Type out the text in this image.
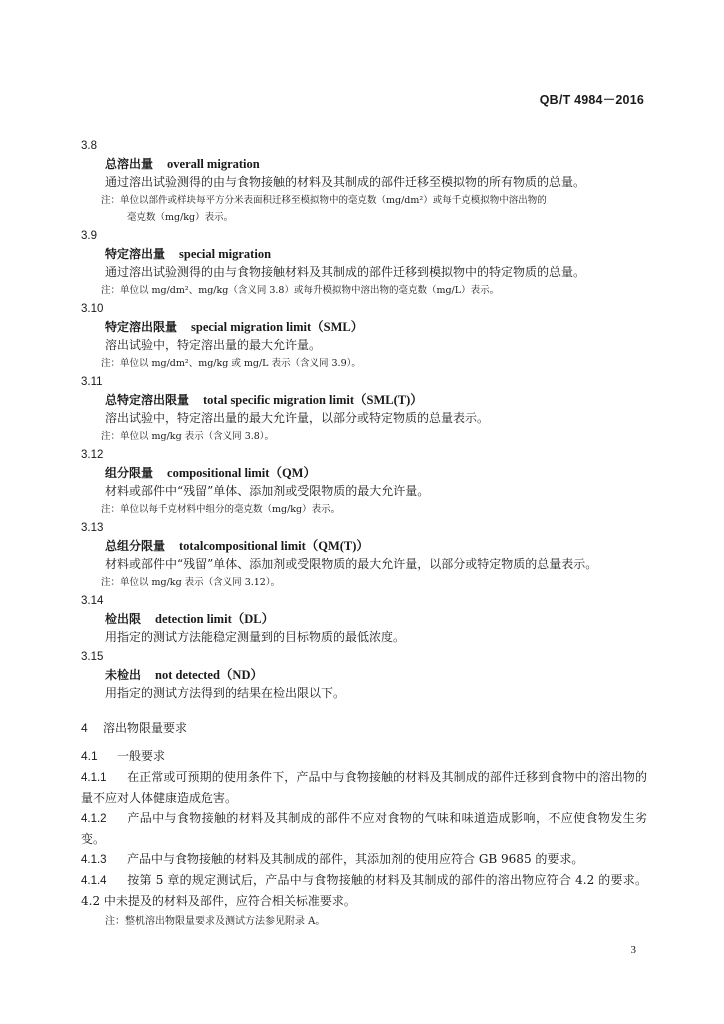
QB/T 4984－2016
3.8
总溶出量 overall migration
通过溶出试验测得的由与食物接触的材料及其制成的部件迁移至模拟物的所有物质的总量。
注：单位以部件或样块每平方分米表面积迁移至模拟物中的毫克数（mg/dm²）或每千克模拟物中溶出物的
毫克数（mg/kg）表示。
3.9
特定溶出量 special migration
通过溶出试验测得的由与食物接触材料及其制成的部件迁移到模拟物中的特定物质的总量。
注：单位以 mg/dm²、mg/kg（含义同 3.8）或每升模拟物中溶出物的毫克数（mg/L）表示。
3.10
特定溶出限量 special migration limit（SML）
溶出试验中，特定溶出量的最大允许量。
注：单位以 mg/dm²、mg/kg 或 mg/L 表示（含义同 3.9）。
3.11
总特定溶出限量 total specific migration limit（SML(T)）
溶出试验中，特定溶出量的最大允许量，以部分或特定物质的总量表示。
注：单位以 mg/kg 表示（含义同 3.8）。
3.12
组分限量 compositional limit（QM）
材料或部件中“残留”单体、添加剂或受限物质的最大允许量。
注：单位以每千克材料中组分的毫克数（mg/kg）表示。
3.13
总组分限量 totalcompositional limit（QM(T)）
材料或部件中“残留”单体、添加剂或受限物质的最大允许量，以部分或特定物质的总量表示。
注：单位以 mg/kg 表示（含义同 3.12）。
3.14
检出限 detection limit（DL）
用指定的测试方法能稳定测量到的目标物质的最低浓度。
3.15
未检出 not detected（ND）
用指定的测试方法得到的结果在检出限以下。
4 溶出物限量要求
4.1 一般要求
4.1.1 在正常或可预期的使用条件下，产品中与食物接触的材料及其制成的部件迁移到食物中的溶出物的量不应对人体健康造成危害。
4.1.2 产品中与食物接触的材料及其制成的部件不应对食物的气味和味道造成影响，不应使食物发生劣变。
4.1.3 产品中与食物接触的材料及其制成的部件，其添加剂的使用应符合 GB 9685 的要求。
4.1.4 按第 5 章的规定测试后，产品中与食物接触的材料及其制成的部件的溶出物应符合 4.2 的要求。4.2 中未提及的材料及部件，应符合相关标准要求。
注：整机溶出物限量要求及测试方法参见附录 A。
3
